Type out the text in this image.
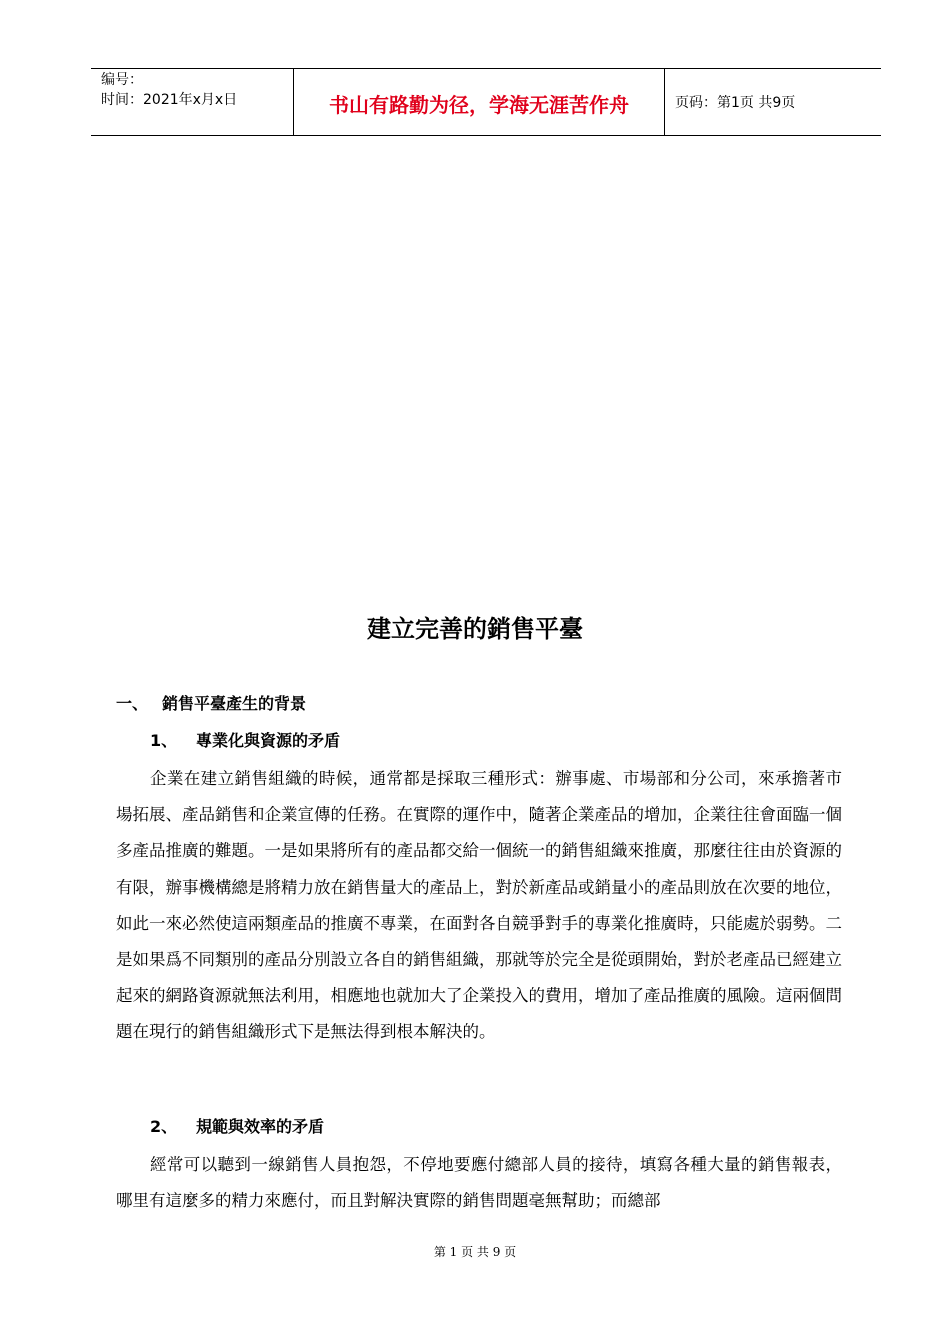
编号：
时间：2021年x月x日	书山有路勤为径，学海无涯苦作舟	页码：第1页 共9页
建立完善的銷售平臺
一、 銷售平臺產生的背景
1、 專業化與資源的矛盾

企業在建立銷售組織的時候，通常都是採取三種形式：辦事處、市場部和分公司，來承擔著市場拓展、產品銷售和企業宣傳的任務。在實際的運作中，隨著企業產品的增加，企業往往會面臨一個多產品推廣的難題。一是如果將所有的產品都交給一個統一的銷售組織來推廣，那麼往往由於資源的有限，辦事機構總是將精力放在銷售量大的產品上，對於新產品或銷量小的產品則放在次要的地位，如此一來必然使這兩類產品的推廣不專業，在面對各自競爭對手的專業化推廣時，只能處於弱勢。二是如果爲不同類別的產品分別設立各自的銷售組織，那就等於完全是從頭開始，對於老產品已經建立起來的網路資源就無法利用，相應地也就加大了企業投入的費用，增加了產品推廣的風險。這兩個問題在現行的銷售組織形式下是無法得到根本解決的。

2、 規範與效率的矛盾

經常可以聽到一線銷售人員抱怨，不停地要應付總部人員的接待，填寫各種大量的銷售報表，哪里有這麼多的精力來應付，而且對解決實際的銷售問題毫無幫助；而總部

第 1 页 共 9 页
